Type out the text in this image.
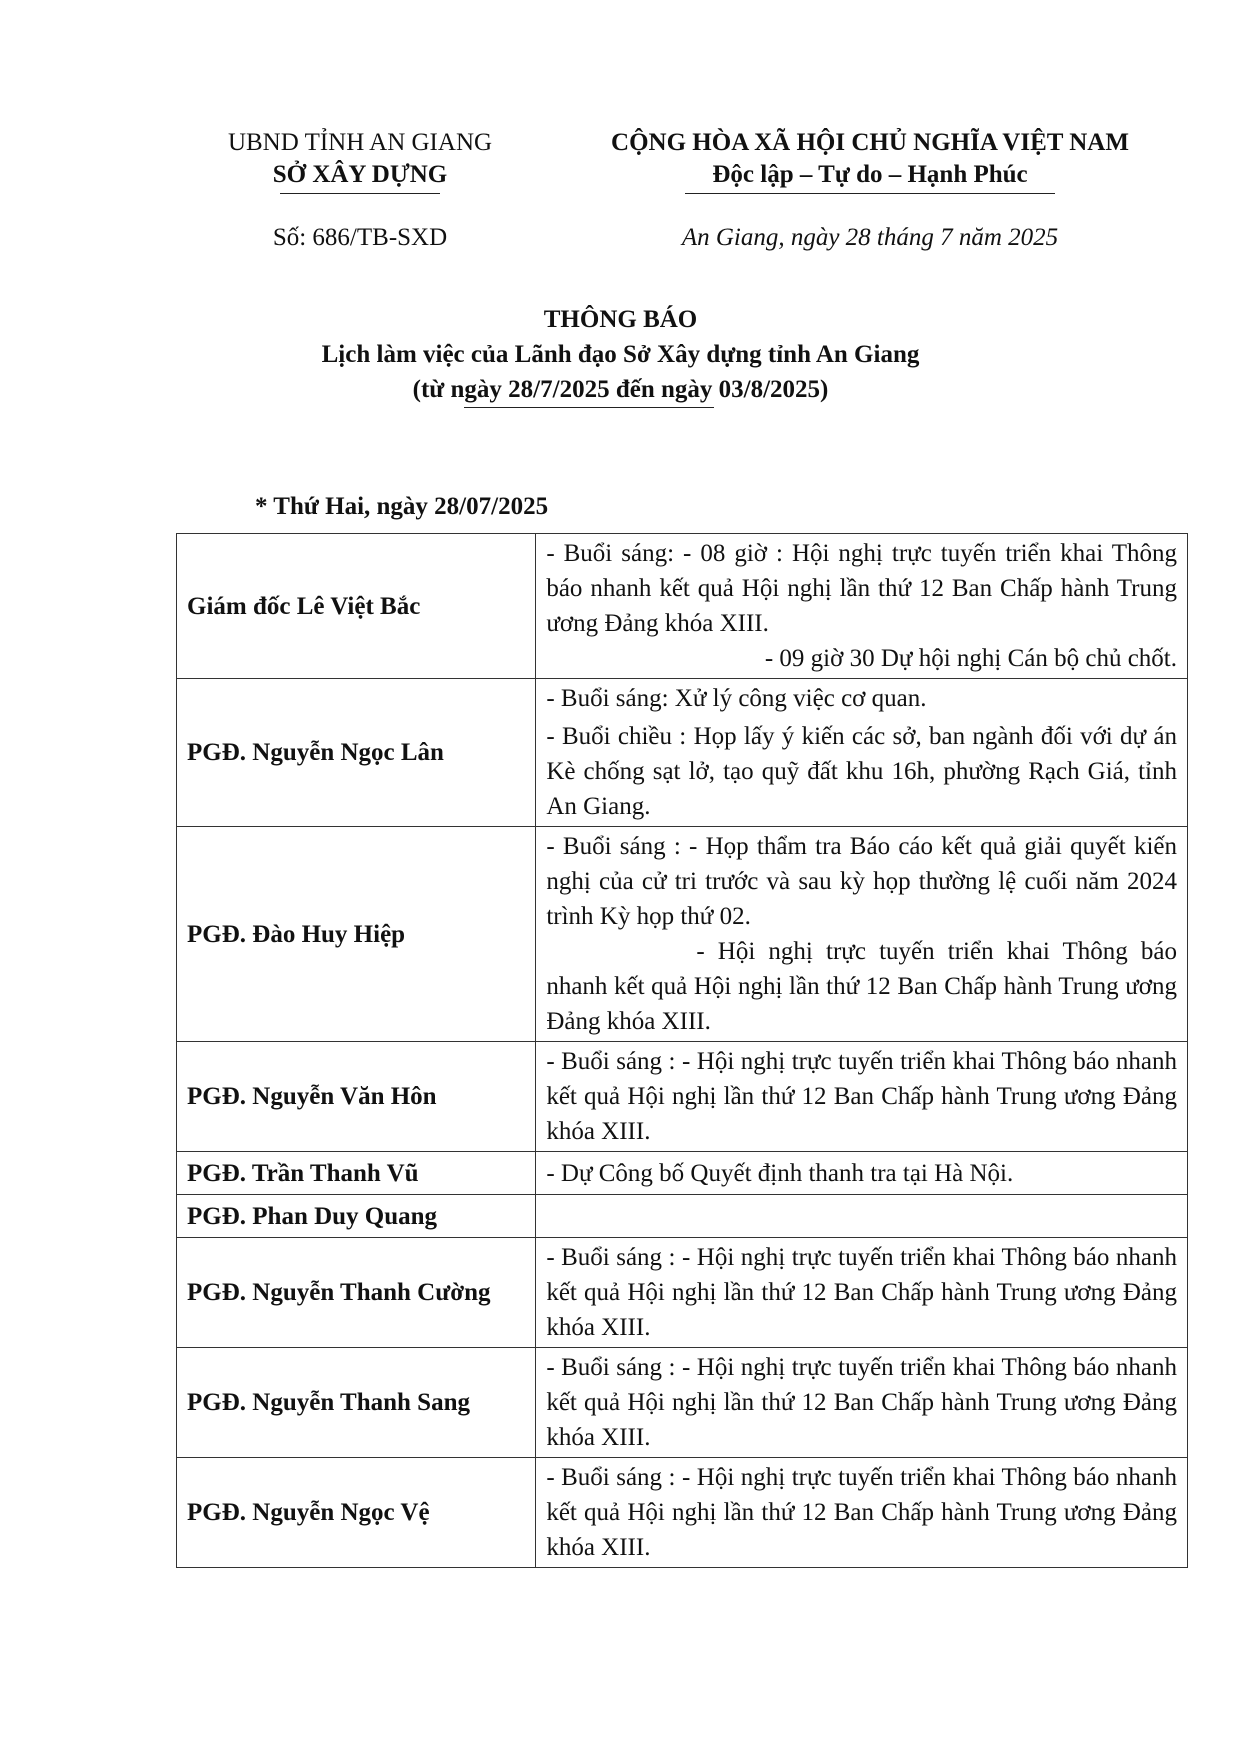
UBND TỈNH AN GIANG
SỞ XÂY DỰNG
Số: 686/TB-SXD
CỘNG HÒA XÃ HỘI CHỦ NGHĨA VIỆT NAM
Độc lập – Tự do – Hạnh Phúc
An Giang, ngày 28 tháng 7 năm 2025
THÔNG BÁO
Lịch làm việc của Lãnh đạo Sở Xây dựng tỉnh An Giang
(từ ngày 28/7/2025 đến ngày 03/8/2025)
* Thứ Hai, ngày 28/07/2025
Giám đốc Lê Việt Bắc	- Buổi sáng: - 08 giờ : Hội nghị trực tuyến triển khai Thông báo nhanh kết quả Hội nghị lần thứ 12 Ban Chấp hành Trung ương Đảng khóa XIII.

- 09 giờ 30 Dự hội nghị Cán bộ chủ chốt.

PGĐ. Nguyễn Ngọc Lân	- Buổi sáng: Xử lý công việc cơ quan.

- Buổi chiều : Họp lấy ý kiến các sở, ban ngành đối với dự án Kè chống sạt lở, tạo quỹ đất khu 16h, phường Rạch Giá, tỉnh An Giang.

PGĐ. Đào Huy Hiệp	- Buổi sáng : - Họp thẩm tra Báo cáo kết quả giải quyết kiến nghị của cử tri trước và sau kỳ họp thường lệ cuối năm 2024 trình Kỳ họp thứ 02.

- Hội nghị trực tuyến triển khai Thông báo nhanh kết quả Hội nghị lần thứ 12 Ban Chấp hành Trung ương Đảng khóa XIII.

PGĐ. Nguyễn Văn Hôn	- Buổi sáng : - Hội nghị trực tuyến triển khai Thông báo nhanh kết quả Hội nghị lần thứ 12 Ban Chấp hành Trung ương Đảng khóa XIII.

PGĐ. Trần Thanh Vũ	- Dự Công bố Quyết định thanh tra tại Hà Nội.

PGĐ. Phan Duy Quang	
PGĐ. Nguyễn Thanh Cường	- Buổi sáng : - Hội nghị trực tuyến triển khai Thông báo nhanh kết quả Hội nghị lần thứ 12 Ban Chấp hành Trung ương Đảng khóa XIII.

PGĐ. Nguyễn Thanh Sang	- Buổi sáng : - Hội nghị trực tuyến triển khai Thông báo nhanh kết quả Hội nghị lần thứ 12 Ban Chấp hành Trung ương Đảng khóa XIII.

PGĐ. Nguyễn Ngọc Vệ	- Buổi sáng : - Hội nghị trực tuyến triển khai Thông báo nhanh kết quả Hội nghị lần thứ 12 Ban Chấp hành Trung ương Đảng khóa XIII.
